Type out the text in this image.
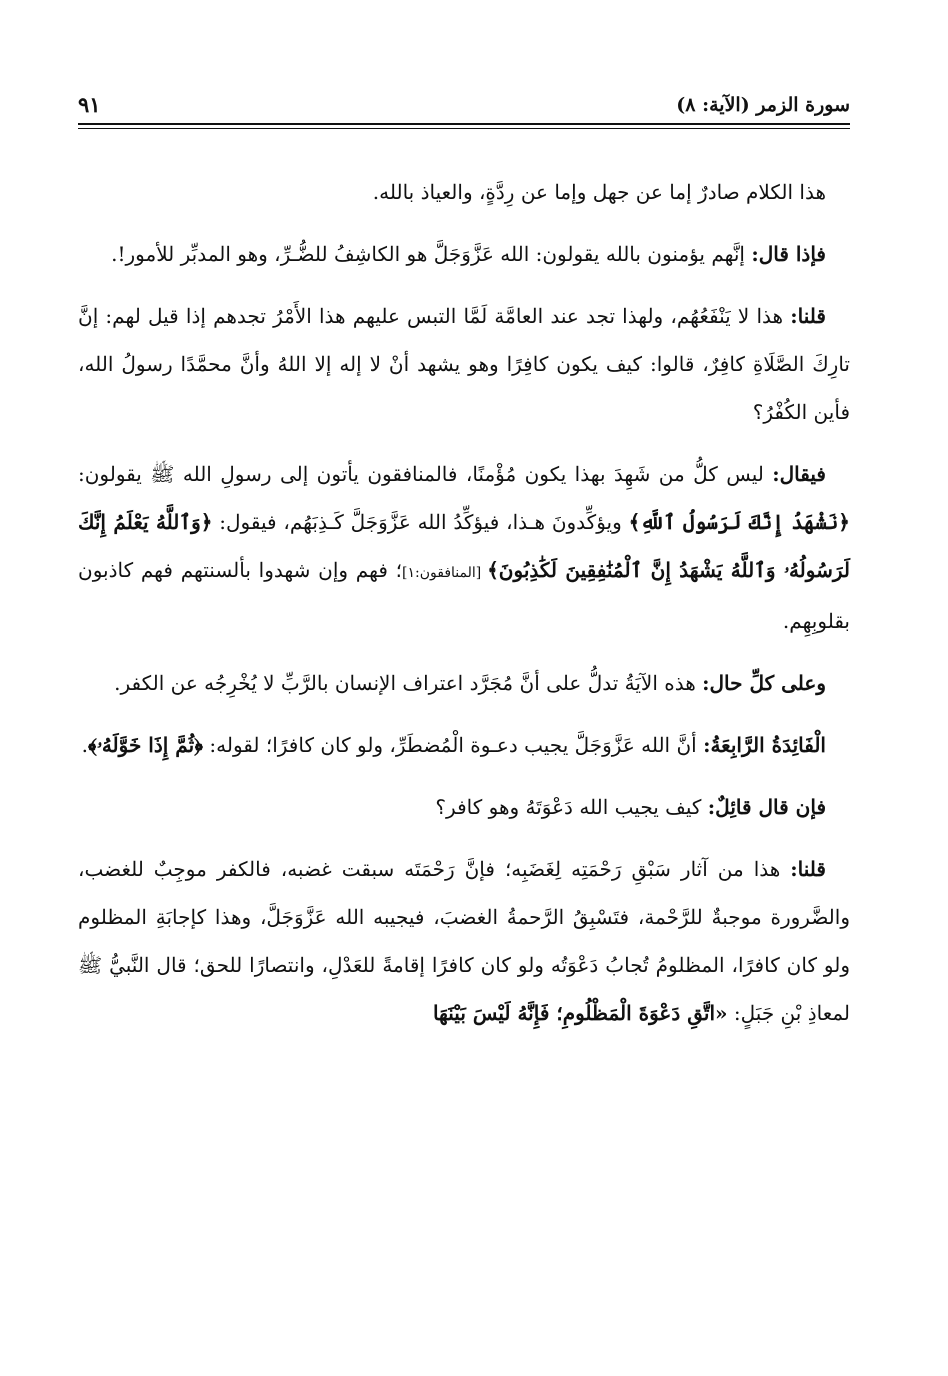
سورة الزمر (الآية: ٨)
٩١

هذا الكلام صادرٌ إما عن جهل وإما عن رِدَّةٍ، والعياذ بالله.

فإذا قال: إنَّهم يؤمنون بالله يقولون: الله عَزَّوَجَلَّ هو الكاشِفُ للضُّـرِّ، وهو المدبِّر للأمور!.

قلنا: هذا لا يَنْفَعُهُم، ولهذا تجد عند العامَّة لَمَّا التبس عليهم هذا الأَمْرُ تجدهم إذا قيل لهم: إنَّ تارِكَ الصَّلَاةِ كافِرٌ، قالوا: كيف يكون كافِرًا وهو يشهد أنْ لا إله إلا اللهُ وأنَّ محمَّدًا رسولُ الله، فأين الكُفْرُ؟

فيقال: ليس كلُّ من شَهِدَ بهذا يكون مُؤْمنًا، فالمنافقون يأتون إلى رسولِ الله ﷺ يقولون: ﴿نَشْهَدُ إِنَّكَ لَرَسُولُ ٱللَّهِ﴾ ويؤكِّدونَ هـذا، فيؤكِّدُ الله عَزَّوَجَلَّ كَـذِبَهُم، فيقول: ﴿وَٱللَّهُ يَعْلَمُ إِنَّكَ لَرَسُولُهُۥ وَٱللَّهُ يَشْهَدُ إِنَّ ٱلْمُنَٰفِقِينَ لَكَٰذِبُونَ﴾ [المنافقون:١]؛ فهم وإن شهدوا بألسنتهم فهم كاذبون بقلوبِهِم.

وعلى كلِّ حال: هذه الآيَةُ تدلُّ على أنَّ مُجَرَّد اعتراف الإنسان بالرَّبِّ لا يُخْرِجُه عن الكفر.

الْفَائِدَةُ الرَّابِعَةُ: أنَّ الله عَزَّوَجَلَّ يجيب دعـوة الْمُضطَرِّ، ولو كان كافرًا؛ لقوله: ﴿ثُمَّ إِذَا خَوَّلَهُۥ﴾.

فإن قال قائِلٌ: كيف يجيب الله دَعْوَتَهُ وهو كافر؟

قلنا: هذا من آثار سَبْقِ رَحْمَتِه لِغَضَبِه؛ فإنَّ رَحْمَتَه سبقت غضبه، فالكفر موجِبٌ للغضب، والضَّرورة موجبةٌ للرَّحْمة، فتَسْبِقُ الرَّحمةُ الغضبَ، فيجيبه الله عَزَّوَجَلَّ، وهذا كإجابَةِ المظلوم ولو كان كافرًا، المظلومُ تُجابُ دَعْوَتُه ولو كان كافرًا إقامةً للعَدْلِ، وانتصارًا للحق؛ قال النَّبيُّ ﷺ لمعاذِ بْنِ جَبَلٍ: «اتَّقِ دَعْوَةَ الْمَظْلُومِ؛ فَإِنَّهُ لَيْسَ بَيْنَهَا
